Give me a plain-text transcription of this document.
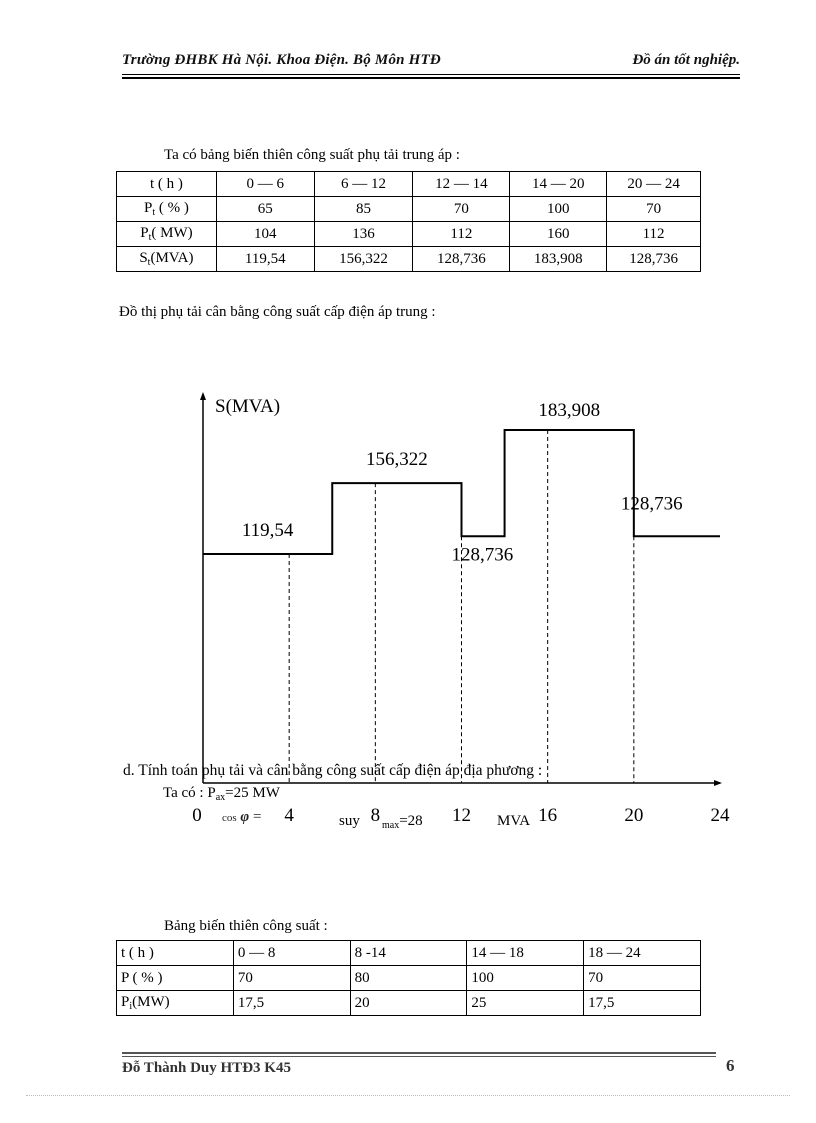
Trường ĐHBK Hà Nội. Khoa Điện. Bộ Môn HTĐ	Đồ án tốt nghiệp.
Ta có bảng biến thiên công suất phụ tải trung áp :
t ( h )	0 — 6	6 — 12	12 — 14	14 — 20	20 — 24
$P_t$ ( % )	65	85	70	100	70
$P_t$( MW)	104	136	112	160	112
$S_t(MVA)$	119,54	156,322	128,736	183,908	128,736
Đồ thị phụ tải cân bằng công suất cấp điện áp trung :
S(MVA)
119,54
156,322
128,736
183,908
128,736
0	4	8	12	16	20	24
d. Tính toán phụ tải và cân bằng công suất cấp điện áp địa phương :
Ta có : $P_{ax}=25$ MW
cos φ =	suy $_{max}$=28	MVA
Bảng biến thiên công suất :
t ( h )	0 — 8	8 -14	14 — 18	18 — 24
P ( % )	70	80	100	70
$P_i(MW)$	17,5	20	25	17,5
Đỗ Thành Duy HTĐ3 K45	6
